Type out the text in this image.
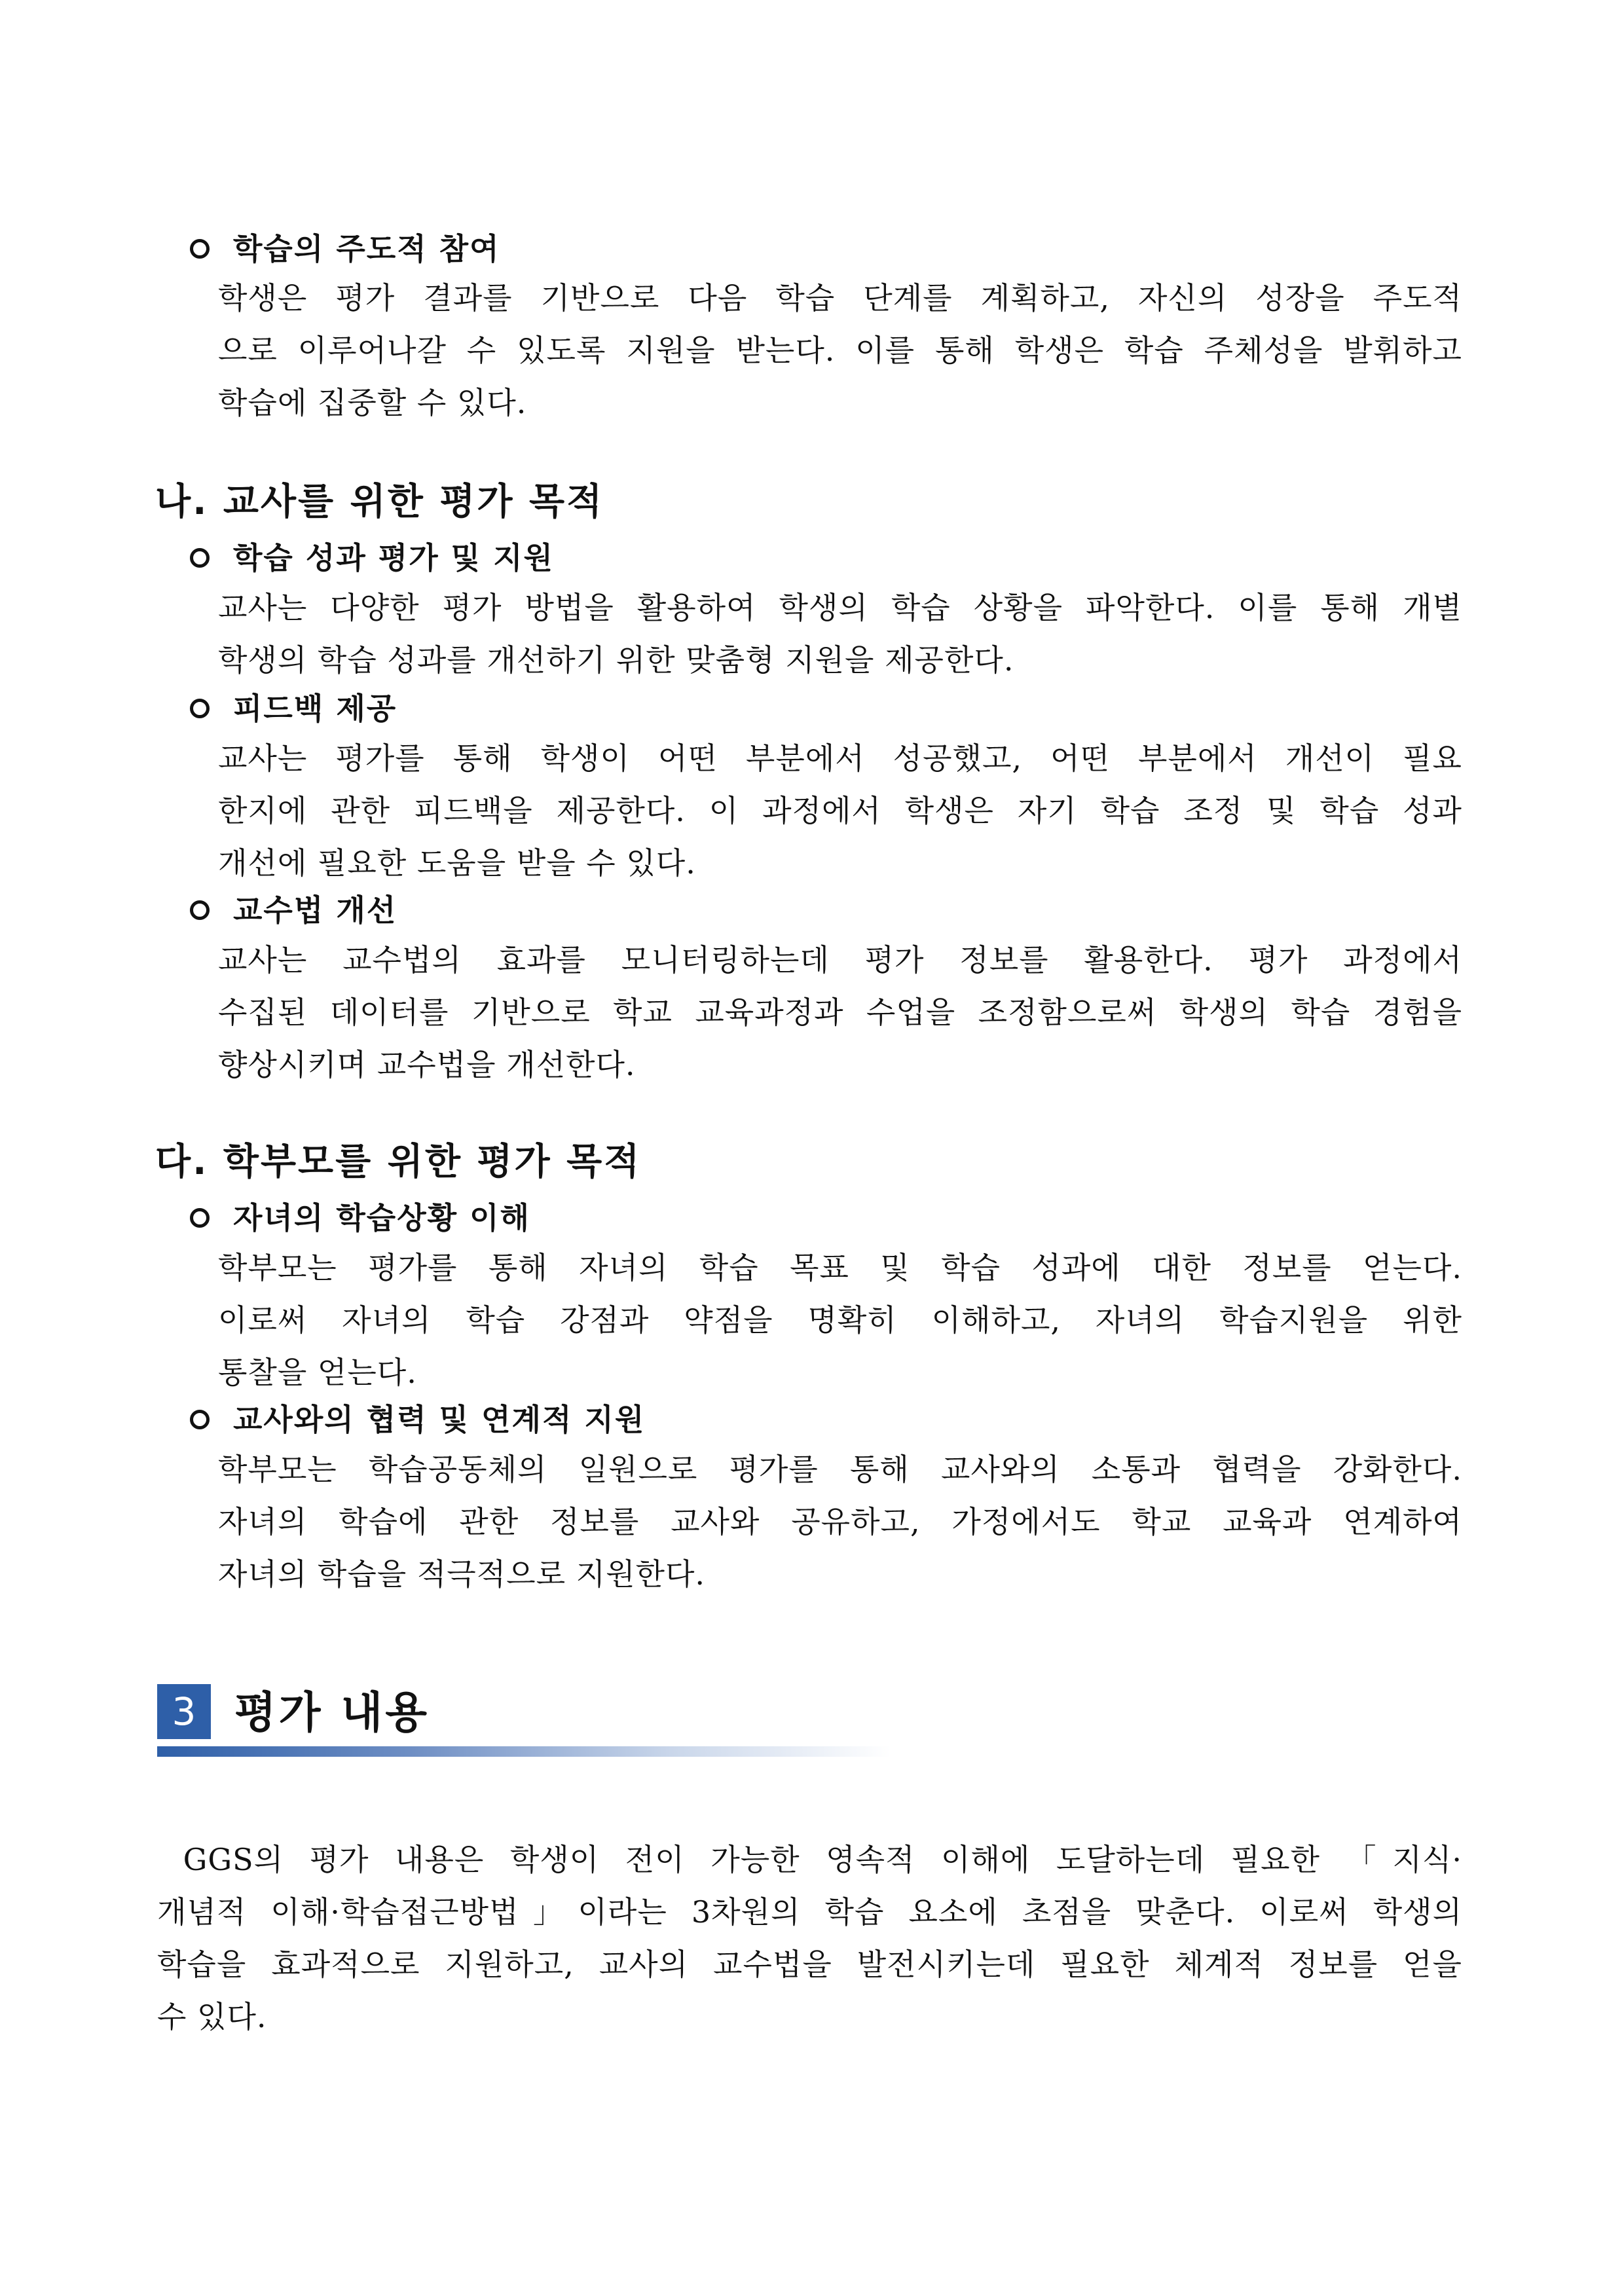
학습의 주도적 참여
학생은 평가 결과를 기반으로 다음 학습 단계를 계획하고, 자신의 성장을 주도적
으로 이루어나갈 수 있도록 지원을 받는다. 이를 통해 학생은 학습 주체성을 발휘하고
학습에 집중할 수 있다.
나. 교사를 위한 평가 목적
학습 성과 평가 및 지원
교사는 다양한 평가 방법을 활용하여 학생의 학습 상황을 파악한다. 이를 통해 개별
학생의 학습 성과를 개선하기 위한 맞춤형 지원을 제공한다.
피드백 제공
교사는 평가를 통해 학생이 어떤 부분에서 성공했고, 어떤 부분에서 개선이 필요
한지에 관한 피드백을 제공한다. 이 과정에서 학생은 자기 학습 조정 및 학습 성과
개선에 필요한 도움을 받을 수 있다.
교수법 개선
교사는 교수법의 효과를 모니터링하는데 평가 정보를 활용한다. 평가 과정에서
수집된 데이터를 기반으로 학교 교육과정과 수업을 조정함으로써 학생의 학습 경험을
향상시키며 교수법을 개선한다.
다. 학부모를 위한 평가 목적
자녀의 학습상황 이해
학부모는 평가를 통해 자녀의 학습 목표 및 학습 성과에 대한 정보를 얻는다.
이로써 자녀의 학습 강점과 약점을 명확히 이해하고, 자녀의 학습지원을 위한
통찰을 얻는다.
교사와의 협력 및 연계적 지원
학부모는 학습공동체의 일원으로 평가를 통해 교사와의 소통과 협력을 강화한다.
자녀의 학습에 관한 정보를 교사와 공유하고, 가정에서도 학교 교육과 연계하여
자녀의 학습을 적극적으로 지원한다.
3 평가 내용
GGS의 평가 내용은 학생이 전이 가능한 영속적 이해에 도달하는데 필요한 「지식·
개념적 이해·학습접근방법」이라는 3차원의 학습 요소에 초점을 맞춘다. 이로써 학생의
학습을 효과적으로 지원하고, 교사의 교수법을 발전시키는데 필요한 체계적 정보를 얻을
수 있다.
